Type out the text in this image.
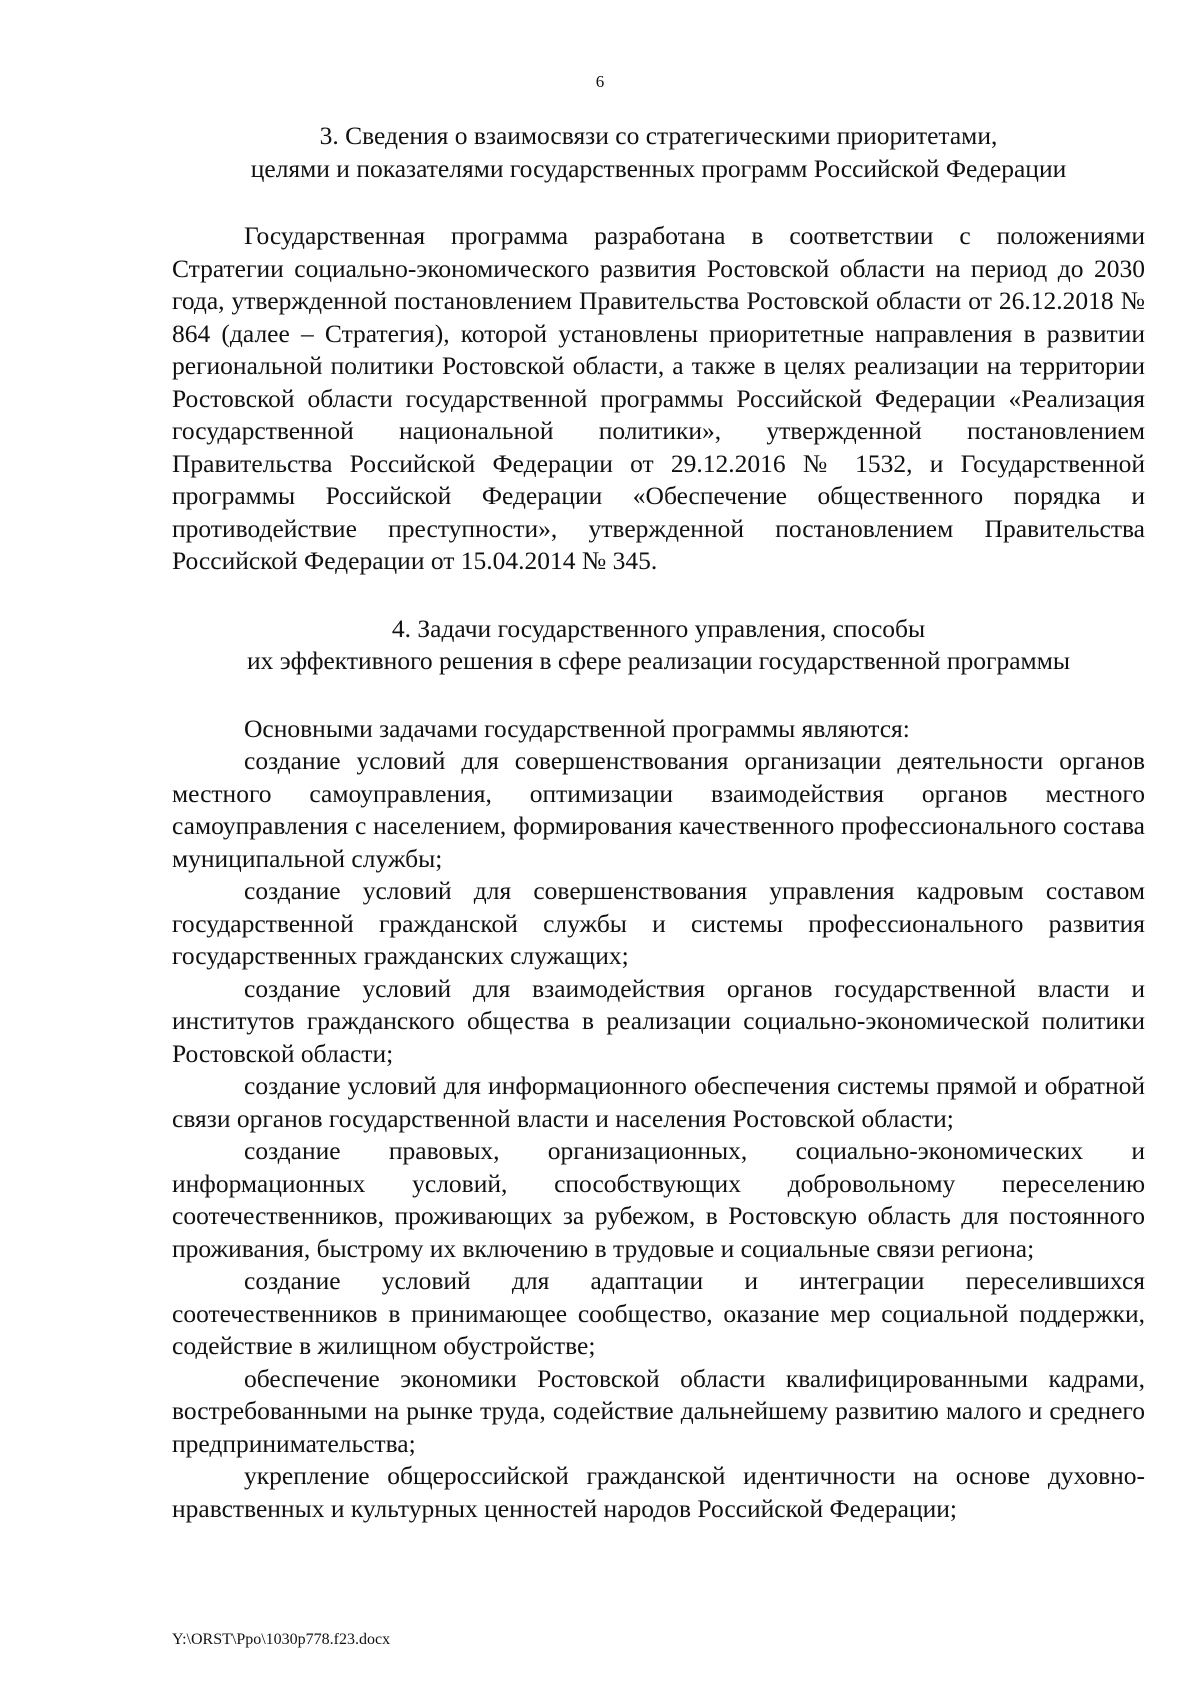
6
3. Сведения о взаимосвязи со стратегическими приоритетами,
целями и показателями государственных программ Российской Федерации

Государственная программа разработана в соответствии с положениями Стратегии социально-экономического развития Ростовской области на период до 2030 года, утвержденной постановлением Правительства Ростовской области от 26.12.2018 № 864 (далее – Стратегия), которой установлены приоритетные направления в развитии региональной политики Ростовской области, а также в целях реализации на территории Ростовской области государственной программы Российской Федерации «Реализация государственной национальной политики», утвержденной постановлением Правительства Российской Федерации от 29.12.2016 № 1532, и Государственной программы Российской Федерации «Обеспечение общественного порядка и противодействие преступности», утвержденной постановлением Правительства Российской Федерации от 15.04.2014 № 345.

4. Задачи государственного управления, способы
их эффективного решения в сфере реализации государственной программы

Основными задачами государственной программы являются:

создание условий для совершенствования организации деятельности органов местного самоуправления, оптимизации взаимодействия органов местного самоуправления с населением, формирования качественного профессионального состава муниципальной службы;

создание условий для совершенствования управления кадровым составом государственной гражданской службы и системы профессионального развития государственных гражданских служащих;

создание условий для взаимодействия органов государственной власти и институтов гражданского общества в реализации социально-экономической политики Ростовской области;

создание условий для информационного обеспечения системы прямой и обратной связи органов государственной власти и населения Ростовской области;

создание правовых, организационных, социально-экономических и информационных условий, способствующих добровольному переселению соотечественников, проживающих за рубежом, в Ростовскую область для постоянного проживания, быстрому их включению в трудовые и социальные связи региона;

создание условий для адаптации и интеграции переселившихся соотечественников в принимающее сообщество, оказание мер социальной поддержки, содействие в жилищном обустройстве;

обеспечение экономики Ростовской области квалифицированными кадрами, востребованными на рынке труда, содействие дальнейшему развитию малого и среднего предпринимательства;

укрепление общероссийской гражданской идентичности на основе духовно-нравственных и культурных ценностей народов Российской Федерации;

Y:\ORST\Ppo\1030p778.f23.docx
